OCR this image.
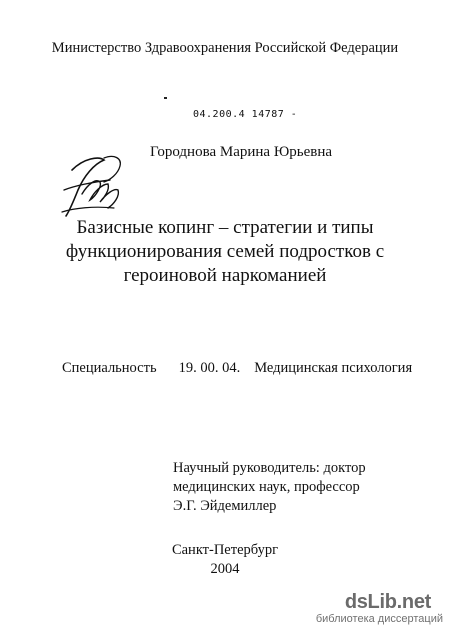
Министерство Здравоохранения Российской Федерации
04.200.4 14787 -
Городнова Марина Юрьевна
Базисные копинг – стратегии и типы
функционирования семей подростков с
героиновой наркоманией
Специальность 19. 00. 04. Медицинская психология
Научный руководитель: доктор
медицинских наук, профессор
Э.Г. Эйдемиллер
Санкт-Петербург
2004
dsLib.net
библиотека диссертаций
